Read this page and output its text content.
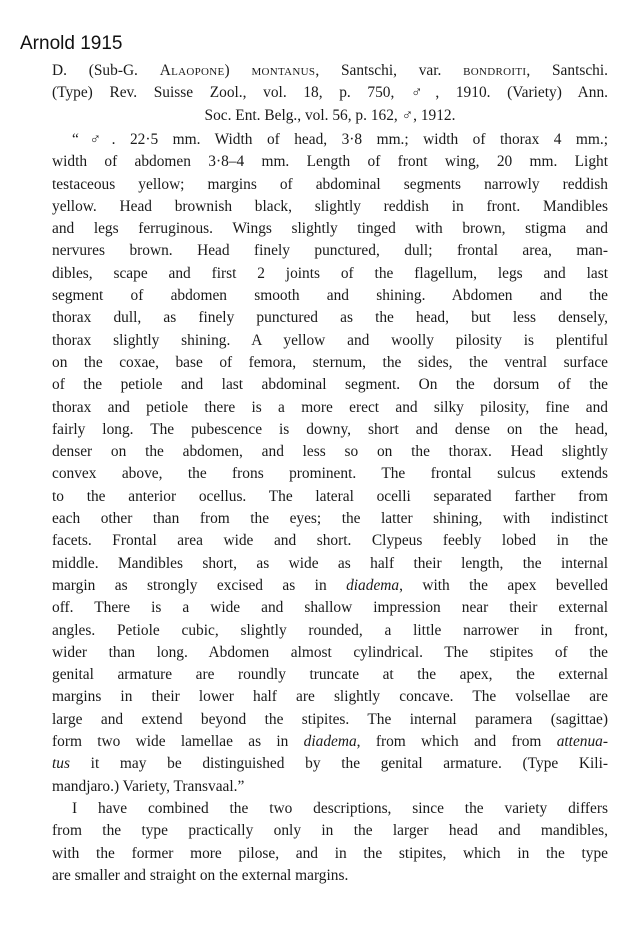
Arnold 1915
D. (Sub-G. Alaopone) montanus, Santschi, var. bondroiti, Santschi.
(Type) Rev. Suisse Zool., vol. 18, p. 750, ♂, 1910. (Variety) Ann.
Soc. Ent. Belg., vol. 56, p. 162, ♂, 1912.
“♂. 22·5 mm. Width of head, 3·8 mm.; width of thorax 4 mm.;
width of abdomen 3·8–4 mm. Length of front wing, 20 mm. Light
testaceous yellow; margins of abdominal segments narrowly reddish
yellow. Head brownish black, slightly reddish in front. Mandibles
and legs ferruginous. Wings slightly tinged with brown, stigma and
nervures brown. Head finely punctured, dull; frontal area, man-
dibles, scape and first 2 joints of the flagellum, legs and last
segment of abdomen smooth and shining. Abdomen and the
thorax dull, as finely punctured as the head, but less densely,
thorax slightly shining. A yellow and woolly pilosity is plentiful
on the coxae, base of femora, sternum, the sides, the ventral surface
of the petiole and last abdominal segment. On the dorsum of the
thorax and petiole there is a more erect and silky pilosity, fine and
fairly long. The pubescence is downy, short and dense on the head,
denser on the abdomen, and less so on the thorax. Head slightly
convex above, the frons prominent. The frontal sulcus extends
to the anterior ocellus. The lateral ocelli separated farther from
each other than from the eyes; the latter shining, with indistinct
facets. Frontal area wide and short. Clypeus feebly lobed in the
middle. Mandibles short, as wide as half their length, the internal
margin as strongly excised as in diadema, with the apex bevelled
off. There is a wide and shallow impression near their external
angles. Petiole cubic, slightly rounded, a little narrower in front,
wider than long. Abdomen almost cylindrical. The stipites of the
genital armature are roundly truncate at the apex, the external
margins in their lower half are slightly concave. The volsellae are
large and extend beyond the stipites. The internal paramera (sagittae)
form two wide lamellae as in diadema, from which and from attenua-
tus it may be distinguished by the genital armature. (Type Kili-
mandjaro.) Variety, Transvaal.”
I have combined the two descriptions, since the variety differs
from the type practically only in the larger head and mandibles,
with the former more pilose, and in the stipites, which in the type
are smaller and straight on the external margins.
